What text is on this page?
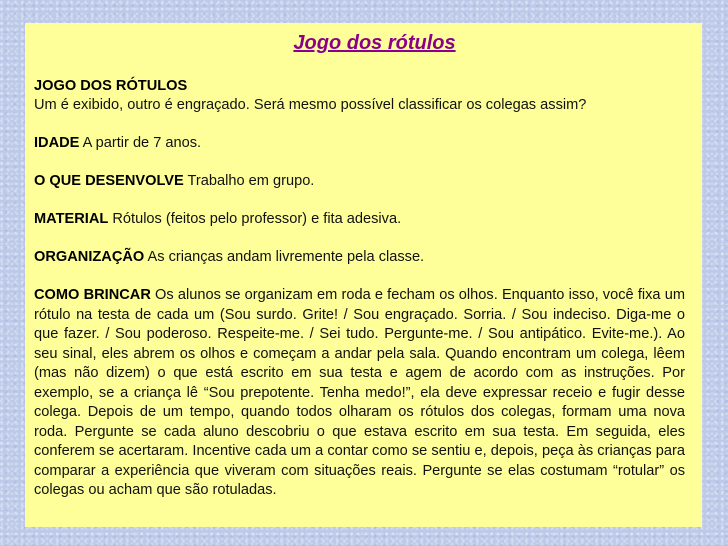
Jogo dos rótulos

JOGO DOS RÓTULOS
Um é exibido, outro é engraçado. Será mesmo possível classificar os colegas assim?

IDADE A partir de 7 anos.

O QUE DESENVOLVE Trabalho em grupo.

MATERIAL Rótulos (feitos pelo professor) e fita adesiva.

ORGANIZAÇÃO As crianças andam livremente pela classe.

COMO BRINCAR Os alunos se organizam em roda e fecham os olhos. Enquanto isso, você fixa um rótulo na testa de cada um (Sou surdo. Grite! / Sou engraçado. Sorria. / Sou indeciso. Diga-me o que fazer. / Sou poderoso. Respeite-me. / Sei tudo. Pergunte-me. / Sou antipático. Evite-me.). Ao seu sinal, eles abrem os olhos e começam a andar pela sala. Quando encontram um colega, lêem (mas não dizem) o que está escrito em sua testa e agem de acordo com as instruções. Por exemplo, se a criança lê “Sou prepotente. Tenha medo!”, ela deve expressar receio e fugir desse colega. Depois de um tempo, quando todos olharam os rótulos dos colegas, formam uma nova roda. Pergunte se cada aluno descobriu o que estava escrito em sua testa. Em seguida, eles conferem se acertaram. Incentive cada um a contar como se sentiu e, depois, peça às crianças para comparar a experiência que viveram com situações reais. Pergunte se elas costumam “rotular” os colegas ou acham que são rotuladas.
